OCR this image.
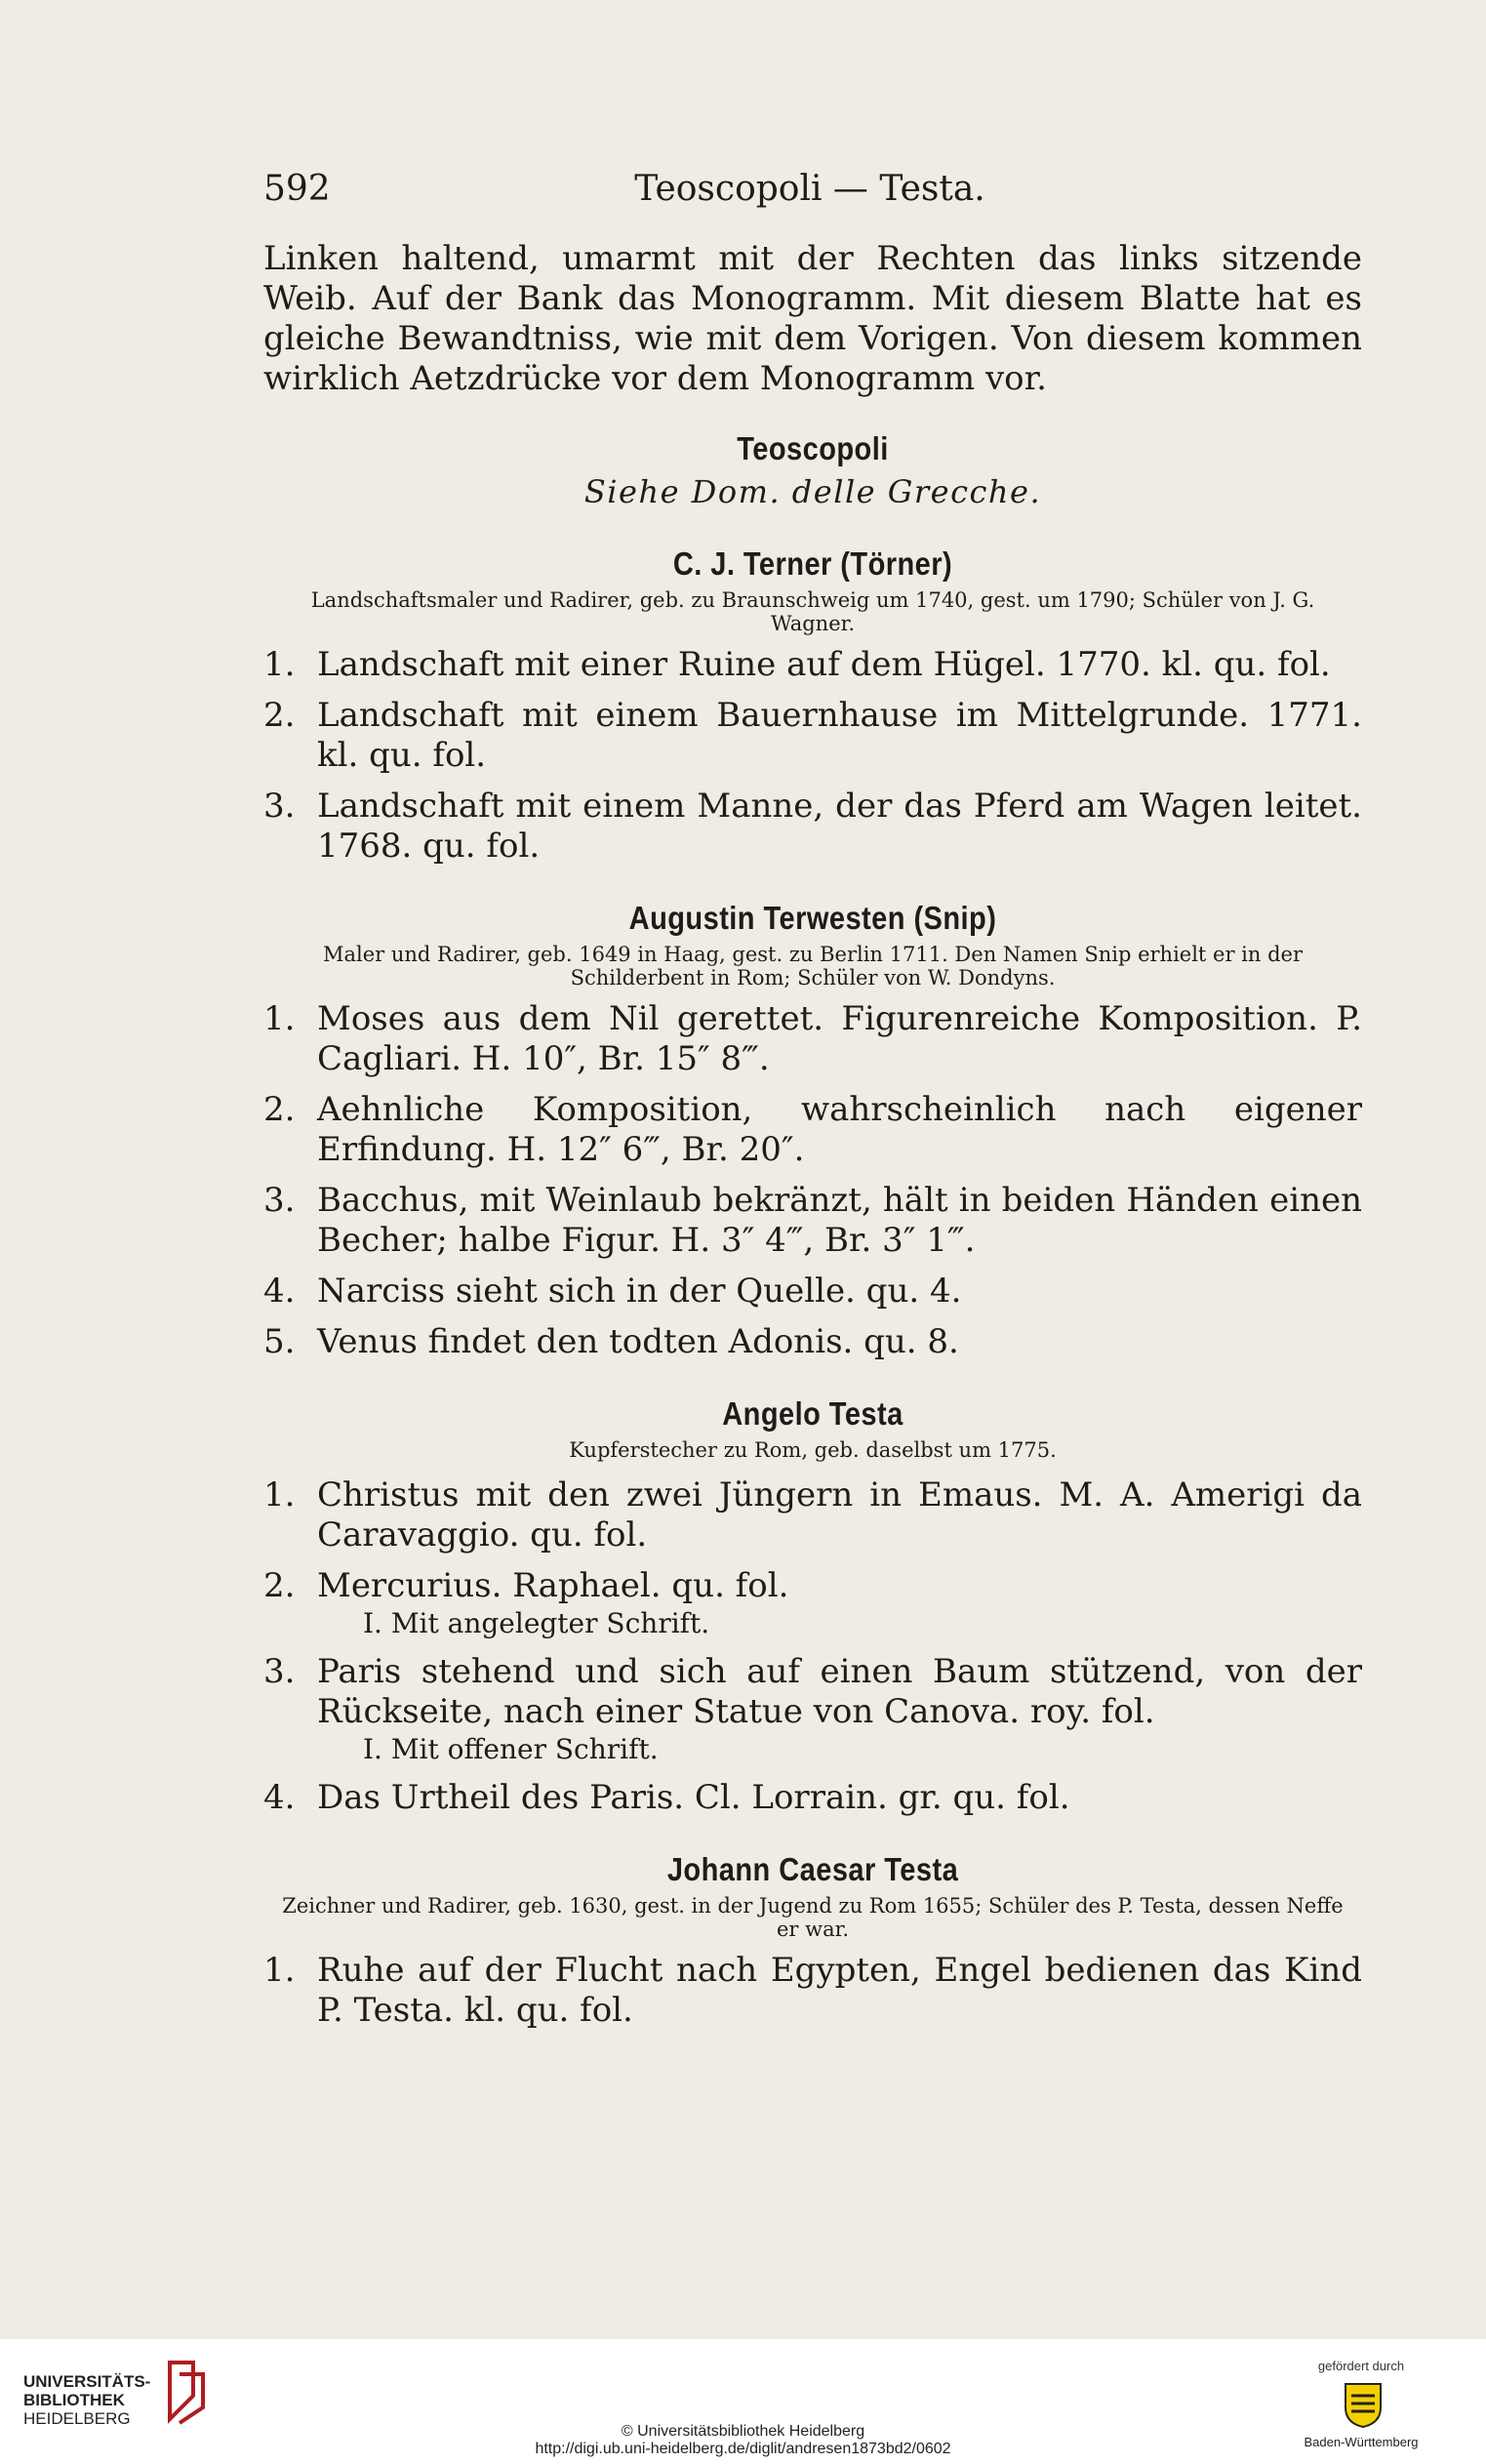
592	Teoscopoli — Testa.

Linken haltend, umarmt mit der Rechten das links sitzende Weib. Auf der Bank das Monogramm. Mit diesem Blatte hat es gleiche Bewandtniss, wie mit dem Vorigen. Von diesem kommen wirklich Aetzdrücke vor dem Monogramm vor.

Teoscopoli

Siehe Dom. delle Grecche.

C. J. Terner (Törner)

Landschaftsmaler und Radirer, geb. zu Braunschweig um 1740, gest. um 1790; Schüler von J. G. Wagner.

1. Landschaft mit einer Ruine auf dem Hügel. 1770. kl. qu. fol.

2. Landschaft mit einem Bauernhause im Mittelgrunde. 1771. kl. qu. fol.

3. Landschaft mit einem Manne, der das Pferd am Wagen leitet. 1768. qu. fol.

Augustin Terwesten (Snip)

Maler und Radirer, geb. 1649 in Haag, gest. zu Berlin 1711. Den Namen Snip erhielt er in der Schilderbent in Rom; Schüler von W. Dondyns.

1. Moses aus dem Nil gerettet. Figurenreiche Komposition. P. Cagliari. H. 10″, Br. 15″ 8‴.

2. Aehnliche Komposition, wahrscheinlich nach eigener Erfindung. H. 12″ 6‴, Br. 20″.

3. Bacchus, mit Weinlaub bekränzt, hält in beiden Händen einen Becher; halbe Figur. H. 3″ 4‴, Br. 3″ 1‴.

4. Narciss sieht sich in der Quelle. qu. 4.

5. Venus findet den todten Adonis. qu. 8.

Angelo Testa

Kupferstecher zu Rom, geb. daselbst um 1775.

1. Christus mit den zwei Jüngern in Emaus. M. A. Amerigi da Caravaggio. qu. fol.

2. Mercurius. Raphael. qu. fol.

I. Mit angelegter Schrift.

3. Paris stehend und sich auf einen Baum stützend, von der Rückseite, nach einer Statue von Canova. roy. fol.

I. Mit offener Schrift.

4. Das Urtheil des Paris. Cl. Lorrain. gr. qu. fol.

Johann Caesar Testa

Zeichner und Radirer, geb. 1630, gest. in der Jugend zu Rom 1655; Schüler des P. Testa, dessen Neffe er war.

1. Ruhe auf der Flucht nach Egypten, Engel bedienen das Kind P. Testa. kl. qu. fol.

UNIVERSITÄTS-
BIBLIOTHEK
HEIDELBERG
© Universitätsbibliothek Heidelberg
http://digi.ub.uni-heidelberg.de/diglit/andresen1873bd2/0602
gefördert durch
Baden-Württemberg
